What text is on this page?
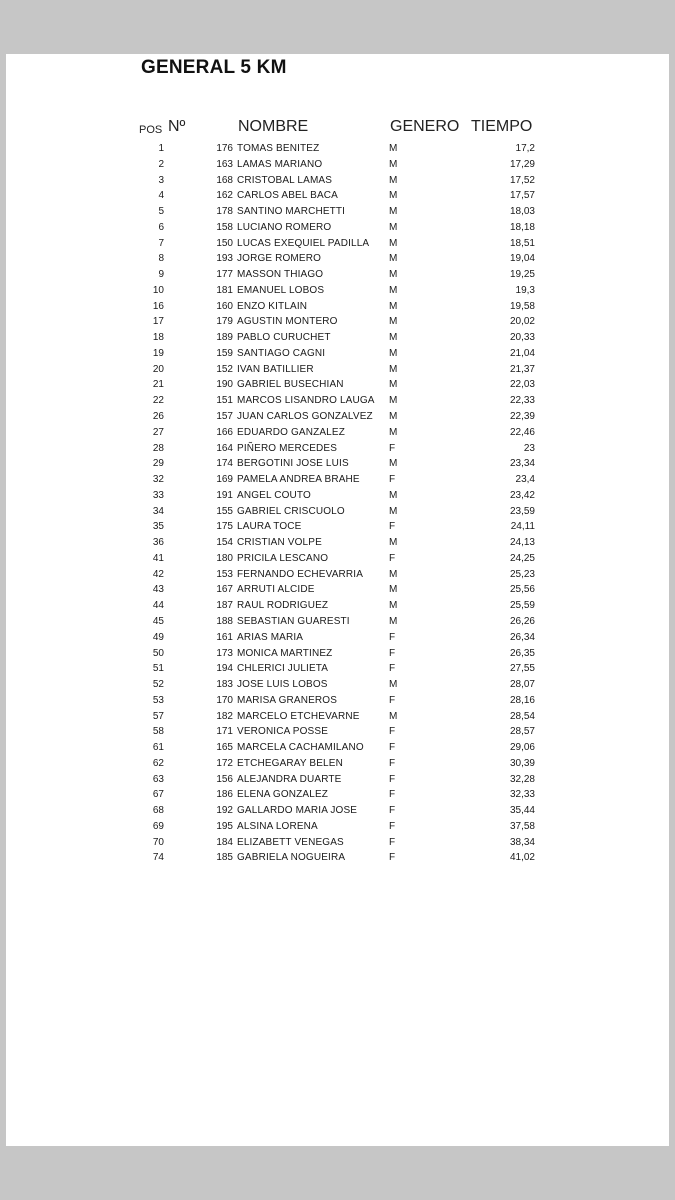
GENERAL 5 KM
POS Nº	NOMBRE	GENERO TIEMPO
1	176 TOMAS BENITEZ	M	17,2
2	163 LAMAS MARIANO	M	17,29
3	168 CRISTOBAL LAMAS	M	17,52
4	162 CARLOS ABEL BACA	M	17,57
5	178 SANTINO MARCHETTI	M	18,03
6	158 LUCIANO ROMERO	M	18,18
7	150 LUCAS EXEQUIEL PADILLA M	18,51
8	193 JORGE ROMERO	M	19,04
9	177 MASSON THIAGO	M	19,25
10	181 EMANUEL LOBOS	M	19,3
16	160 ENZO KITLAIN	M	19,58
17	179 AGUSTIN MONTERO	M	20,02
18	189 PABLO CURUCHET	M	20,33
19	159 SANTIAGO CAGNI	M	21,04
20	152 IVAN BATILLIER	M	21,37
21	190 GABRIEL BUSECHIAN	M	22,03
22	151 MARCOS LISANDRO LAUGA M	22,33
26	157 JUAN CARLOS GONZALVEZ M	22,39
27	166 EDUARDO GANZALEZ	M	22,46
28	164 PIÑERO MERCEDES	F	23
29	174 BERGOTINI JOSE LUIS	M	23,34
32	169 PAMELA ANDREA BRAHE	F	23,4
33	191 ANGEL COUTO	M	23,42
34	155 GABRIEL CRISCUOLO	M	23,59
35	175 LAURA TOCE	F	24,11
36	154 CRISTIAN VOLPE	M	24,13
41	180 PRICILA LESCANO	F	24,25
42	153 FERNANDO ECHEVARRIA	M	25,23
43	167 ARRUTI ALCIDE	M	25,56
44	187 RAUL RODRIGUEZ	M	25,59
45	188 SEBASTIAN GUARESTI	M	26,26
49	161 ARIAS MARIA	F	26,34
50	173 MONICA MARTINEZ	F	26,35
51	194 CHLERICI JULIETA	F	27,55
52	183 JOSE LUIS LOBOS	M	28,07
53	170 MARISA GRANEROS	F	28,16
57	182 MARCELO ETCHEVARNE	M	28,54
58	171 VERONICA POSSE	F	28,57
61	165 MARCELA CACHAMILANO	F	29,06
62	172 ETCHEGARAY BELEN	F	30,39
63	156 ALEJANDRA DUARTE	F	32,28
67	186 ELENA GONZALEZ	F	32,33
68	192 GALLARDO MARIA JOSE	F	35,44
69	195 ALSINA LORENA	F	37,58
70	184 ELIZABETT VENEGAS	F	38,34
74	185 GABRIELA NOGUEIRA	F	41,02
